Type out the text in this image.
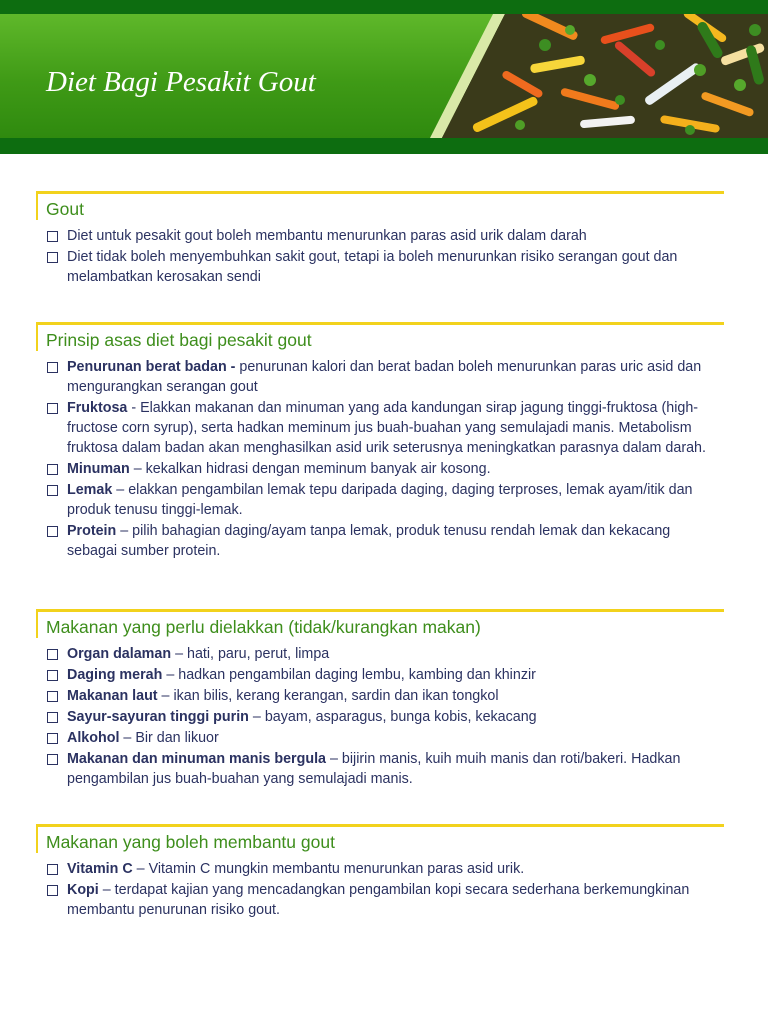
Diet Bagi Pesakit Gout
Gout
Diet untuk pesakit gout boleh membantu menurunkan paras asid urik dalam darah
Diet tidak boleh menyembuhkan sakit gout, tetapi ia boleh menurunkan risiko serangan gout dan melambatkan kerosakan sendi
Prinsip asas diet bagi pesakit gout
Penurunan berat badan - penurunan kalori dan berat badan boleh menurunkan paras uric asid dan mengurangkan serangan gout
Fruktosa - Elakkan makanan dan minuman yang ada kandungan sirap jagung tinggi-fruktosa (high-fructose corn syrup), serta hadkan meminum jus buah-buahan yang semulajadi manis. Metabolism fruktosa dalam badan akan menghasilkan asid urik seterusnya meningkatkan parasnya dalam darah.
Minuman – kekalkan hidrasi dengan meminum banyak air kosong.
Lemak – elakkan pengambilan lemak tepu daripada daging, daging terproses, lemak ayam/itik dan produk tenusu tinggi-lemak.
Protein – pilih bahagian daging/ayam tanpa lemak, produk tenusu rendah lemak dan kekacang sebagai sumber protein.
Makanan yang perlu dielakkan (tidak/kurangkan makan)
Organ dalaman – hati, paru, perut, limpa
Daging merah – hadkan pengambilan daging lembu, kambing dan khinzir
Makanan laut – ikan bilis, kerang kerangan, sardin dan ikan tongkol
Sayur-sayuran tinggi purin – bayam, asparagus, bunga kobis, kekacang
Alkohol – Bir dan likuor
Makanan dan minuman manis bergula – bijirin manis, kuih muih manis dan roti/bakeri. Hadkan pengambilan jus buah-buahan yang semulajadi manis.
Makanan yang boleh membantu gout
Vitamin C – Vitamin C mungkin membantu menurunkan paras asid urik.
Kopi – terdapat kajian yang mencadangkan pengambilan kopi secara sederhana berkemungkinan membantu penurunan risiko gout.
